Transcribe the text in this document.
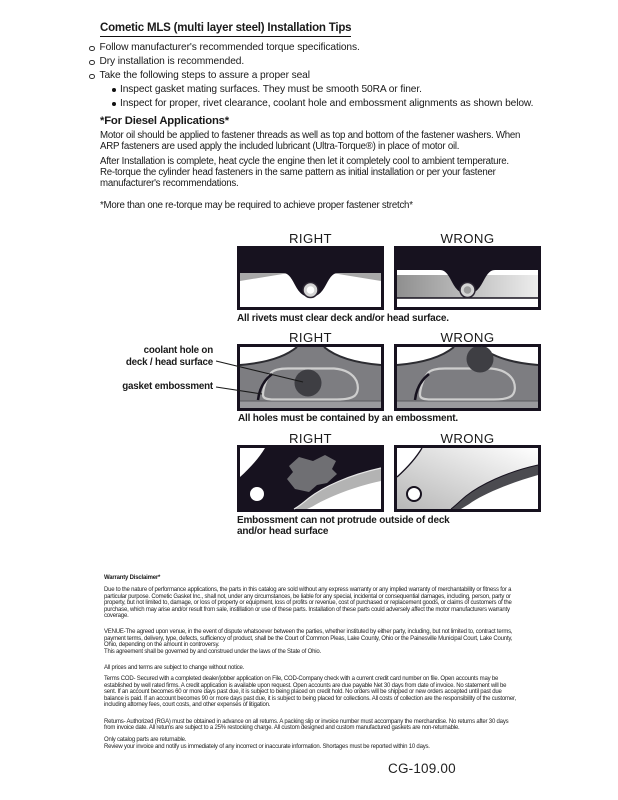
Cometic MLS (multi layer steel) Installation Tips
Follow manufacturer's recommended torque specifications.
Dry installation is recommended.
Take the following steps to assure a proper seal
Inspect gasket mating surfaces. They must be smooth 50RA or finer.
Inspect for proper, rivet clearance, coolant hole and embossment alignments as shown below.
*For Diesel Applications*
Motor oil should be applied to fastener threads as well as top and bottom of the fastener washers. When ARP fasteners are used apply the included lubricant (Ultra-Torque®) in place of motor oil.
After Installation is complete, heat cycle the engine then let it completely cool to ambient temperature. Re-torque the cylinder head fasteners in the same pattern as initial installation or per your fastener manufacturer's recommendations.
*More than one re-torque may be required to achieve proper fastener stretch*
RIGHT	WRONG
All rivets must clear deck and/or head surface.
RIGHT	WRONG
coolant hole on
deck / head surface
gasket embossment
All holes must be contained by an embossment.
RIGHT	WRONG
Embossment can not protrude outside of deck
and/or head surface

Warranty Disclaimer*

Due to the nature of performance applications, the parts in this catalog are sold without any express warranty or any implied warranty of merchantability or fitness for a particular purpose. Cometic Gasket Inc., shall not, under any circumstances, be liable for any special, incidental or consequential damages, including, person, party or property, but not limited to, damage, or loss of property or equipment, loss of profits or revenue, cost of purchased or replacement goods, or claims of customers of the purchase, which may arise and/or result from sale, instillation or use of these parts. Installation of these parts could adversely affect the motor manufacturers warranty coverage.

VENUE-The agreed upon venue, in the event of dispute whatsoever between the parties, whether instituted by either party, including, but not limited to, contract terms, payment terms, delivery, type, defects, sufficiency of product, shall be the Court of Common Pleas, Lake County, Ohio or the Painesville Municipal Court, Lake County, Ohio, depending on the amount in controversy.

This agreement shall be governed by and construed under the laws of the State of Ohio.

All prices and terms are subject to change without notice.

Terms COD- Secured with a completed dealer/jobber application on File, COD-Company check with a current credit card number on file. Open accounts may be established by well rated firms. A credit application is available upon request. Open accounts are due payable Net 30 days from date of invoice. No statement will be sent. If an account becomes 60 or more days past due, it is subject to being placed on credit hold. No orders will be shipped or new orders accepted until past due balance is paid. If an account becomes 90 or more days past due, it is subject to being placed for collections. All costs of collection are the responsibility of the customer, including attorney fees, court costs, and other expenses of litigation.

Returns- Authorized (RGA) must be obtained in advance on all returns. A packing slip or invoice number must accompany the merchandise. No returns after 30 days from invoice date. All returns are subject to a 25% restocking charge. All custom designed and custom manufactured gaskets are non-returnable.

Only catalog parts are returnable.

Review your invoice and notify us immediately of any incorrect or inaccurate information. Shortages must be reported within 10 days.

CG-109.00
